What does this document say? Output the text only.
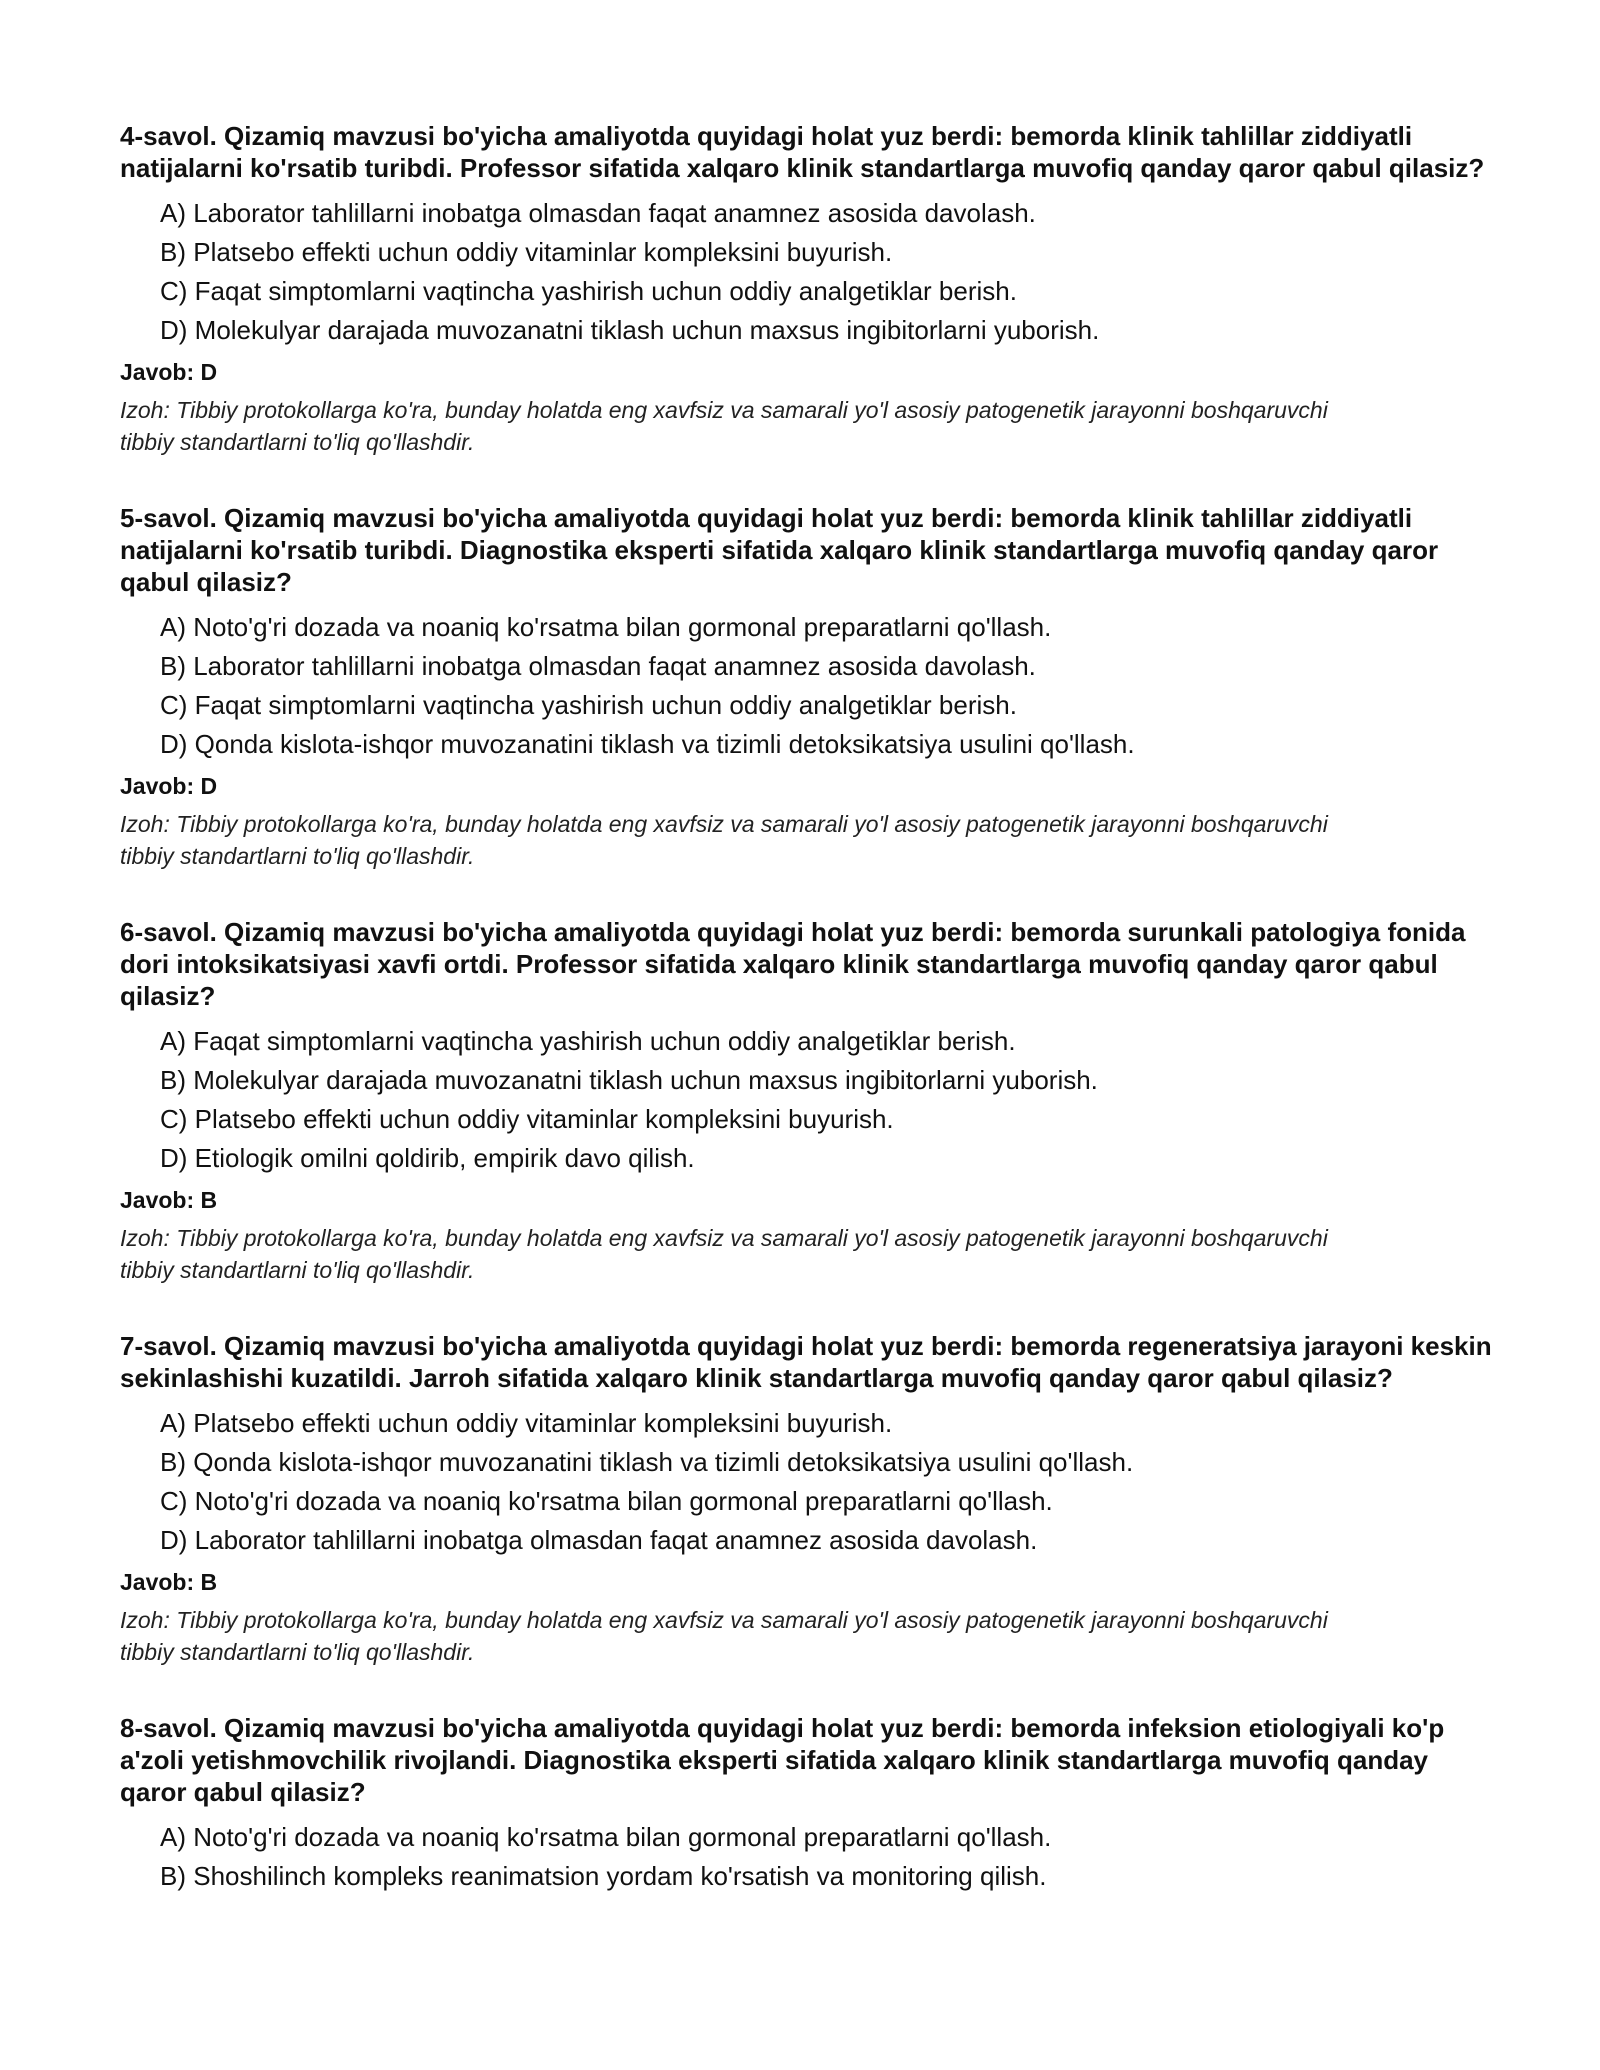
4-savol. Qizamiq mavzusi bo'yicha amaliyotda quyidagi holat yuz berdi: bemorda klinik tahlillar ziddiyatli natijalarni ko'rsatib turibdi. Professor sifatida xalqaro klinik standartlarga muvofiq qanday qaror qabul qilasiz?
A) Laborator tahlillarni inobatga olmasdan faqat anamnez asosida davolash.
B) Platsebo effekti uchun oddiy vitaminlar kompleksini buyurish.
C) Faqat simptomlarni vaqtincha yashirish uchun oddiy analgetiklar berish.
D) Molekulyar darajada muvozanatni tiklash uchun maxsus ingibitorlarni yuborish.
Javob: D
Izoh: Tibbiy protokollarga ko'ra, bunday holatda eng xavfsiz va samarali yo'l asosiy patogenetik jarayonni boshqaruvchi tibbiy standartlarni to'liq qo'llashdir.
5-savol. Qizamiq mavzusi bo'yicha amaliyotda quyidagi holat yuz berdi: bemorda klinik tahlillar ziddiyatli natijalarni ko'rsatib turibdi. Diagnostika eksperti sifatida xalqaro klinik standartlarga muvofiq qanday qaror qabul qilasiz?
A) Noto'g'ri dozada va noaniq ko'rsatma bilan gormonal preparatlarni qo'llash.
B) Laborator tahlillarni inobatga olmasdan faqat anamnez asosida davolash.
C) Faqat simptomlarni vaqtincha yashirish uchun oddiy analgetiklar berish.
D) Qonda kislota-ishqor muvozanatini tiklash va tizimli detoksikatsiya usulini qo'llash.
Javob: D
Izoh: Tibbiy protokollarga ko'ra, bunday holatda eng xavfsiz va samarali yo'l asosiy patogenetik jarayonni boshqaruvchi tibbiy standartlarni to'liq qo'llashdir.
6-savol. Qizamiq mavzusi bo'yicha amaliyotda quyidagi holat yuz berdi: bemorda surunkali patologiya fonida dori intoksikatsiyasi xavfi ortdi. Professor sifatida xalqaro klinik standartlarga muvofiq qanday qaror qabul qilasiz?
A) Faqat simptomlarni vaqtincha yashirish uchun oddiy analgetiklar berish.
B) Molekulyar darajada muvozanatni tiklash uchun maxsus ingibitorlarni yuborish.
C) Platsebo effekti uchun oddiy vitaminlar kompleksini buyurish.
D) Etiologik omilni qoldirib, empirik davo qilish.
Javob: B
Izoh: Tibbiy protokollarga ko'ra, bunday holatda eng xavfsiz va samarali yo'l asosiy patogenetik jarayonni boshqaruvchi tibbiy standartlarni to'liq qo'llashdir.
7-savol. Qizamiq mavzusi bo'yicha amaliyotda quyidagi holat yuz berdi: bemorda regeneratsiya jarayoni keskin sekinlashishi kuzatildi. Jarroh sifatida xalqaro klinik standartlarga muvofiq qanday qaror qabul qilasiz?
A) Platsebo effekti uchun oddiy vitaminlar kompleksini buyurish.
B) Qonda kislota-ishqor muvozanatini tiklash va tizimli detoksikatsiya usulini qo'llash.
C) Noto'g'ri dozada va noaniq ko'rsatma bilan gormonal preparatlarni qo'llash.
D) Laborator tahlillarni inobatga olmasdan faqat anamnez asosida davolash.
Javob: B
Izoh: Tibbiy protokollarga ko'ra, bunday holatda eng xavfsiz va samarali yo'l asosiy patogenetik jarayonni boshqaruvchi tibbiy standartlarni to'liq qo'llashdir.
8-savol. Qizamiq mavzusi bo'yicha amaliyotda quyidagi holat yuz berdi: bemorda infeksion etiologiyali ko'p a'zoli yetishmovchilik rivojlandi. Diagnostika eksperti sifatida xalqaro klinik standartlarga muvofiq qanday qaror qabul qilasiz?
A) Noto'g'ri dozada va noaniq ko'rsatma bilan gormonal preparatlarni qo'llash.
B) Shoshilinch kompleks reanimatsion yordam ko'rsatish va monitoring qilish.
